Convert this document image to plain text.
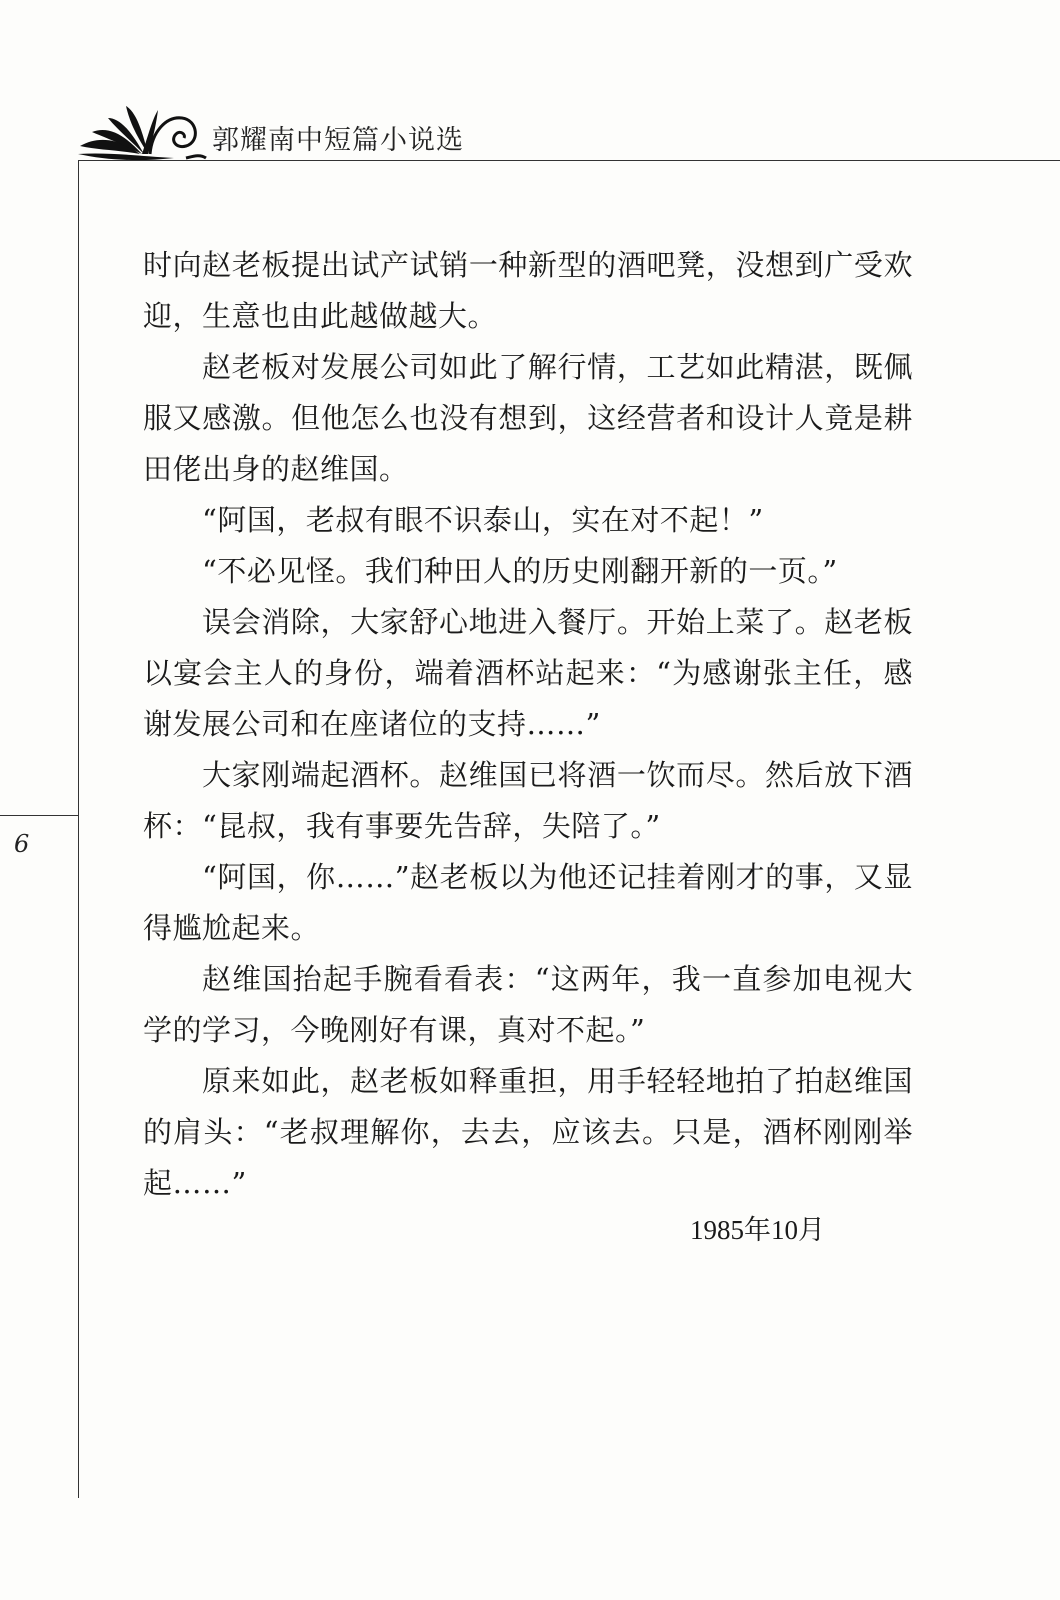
郭耀南中短篇小说选
6

时向赵老板提出试产试销一种新型的酒吧凳，没想到广受欢迎，生意也由此越做越大。

赵老板对发展公司如此了解行情，工艺如此精湛，既佩服又感激。但他怎么也没有想到，这经营者和设计人竟是耕田佬出身的赵维国。

“阿国，老叔有眼不识泰山，实在对不起！”

“不必见怪。我们种田人的历史刚翻开新的一页。”

误会消除，大家舒心地进入餐厅。开始上菜了。赵老板以宴会主人的身份，端着酒杯站起来：“为感谢张主任，感谢发展公司和在座诸位的支持……”

大家刚端起酒杯。赵维国已将酒一饮而尽。然后放下酒杯：“昆叔，我有事要先告辞，失陪了。”

“阿国，你……”赵老板以为他还记挂着刚才的事，又显得尴尬起来。

赵维国抬起手腕看看表：“这两年，我一直参加电视大学的学习，今晚刚好有课，真对不起。”

原来如此，赵老板如释重担，用手轻轻地拍了拍赵维国的肩头：“老叔理解你，去去，应该去。只是，酒杯刚刚举起……”

1985年10月
